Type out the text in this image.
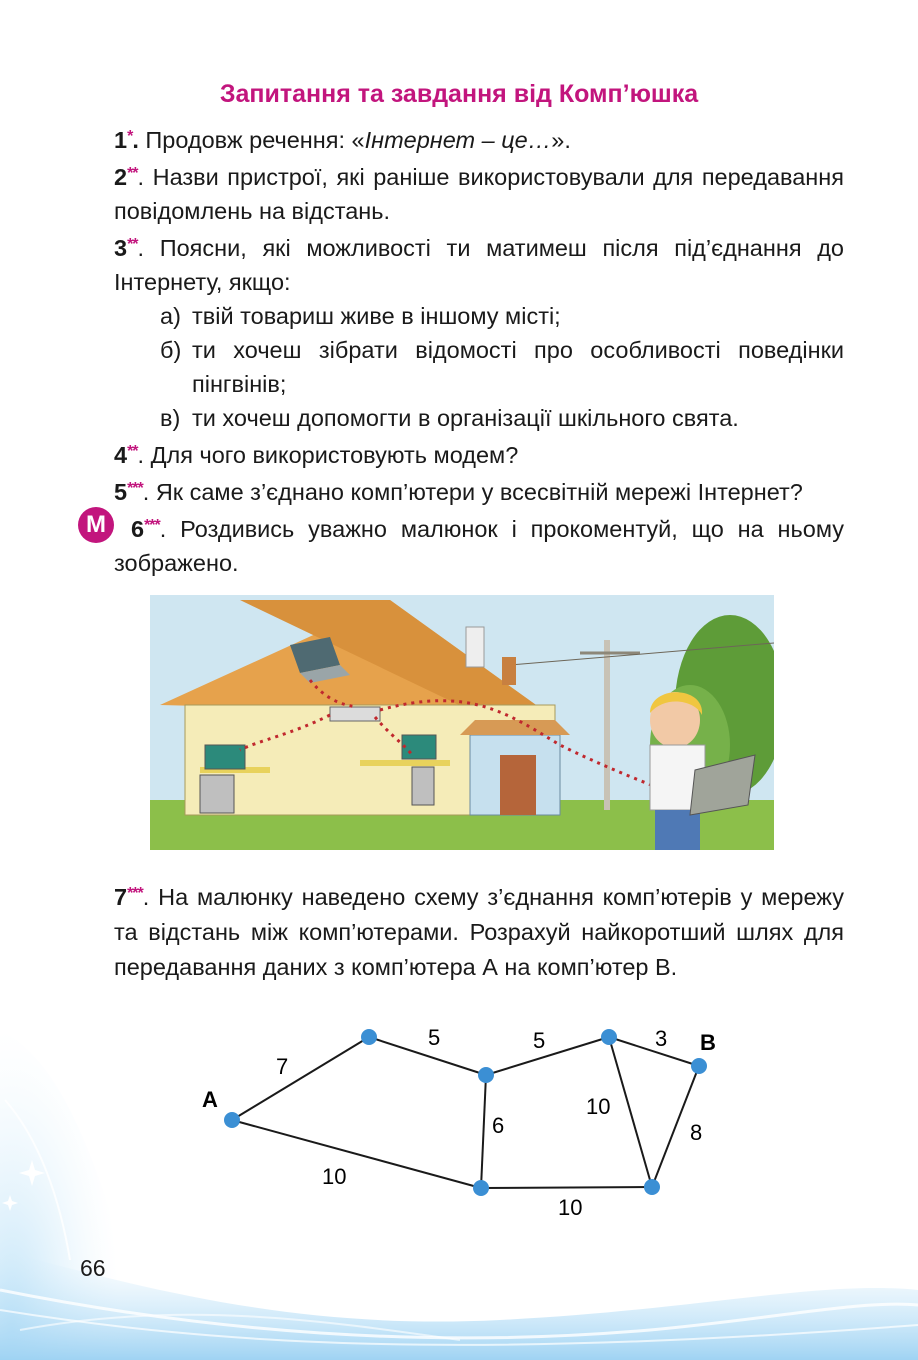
Запитання та завдання від Комп’юшка
М

1*. Продовж речення: «Інтернет – це…».

2**. Назви пристрої, які раніше використовували для передавання повідомлень на відстань.

3**. Поясни, які можливості ти матимеш після під’єднання до Інтернету, якщо:

а) твій товариш живе в іншому місті;

б) ти хочеш зібрати відомості про особливості поведінки пінгвінів;

в) ти хочеш допомогти в організації шкільного свята.

4**. Для чого використовують модем?

5***. Як саме з’єднано комп’ютери у всесвітній мережі Інтернет?

6***. Роздивись уважно малюнок і прокоментуй, що на ньому зображено.

7***. На малюнку наведено схему з’єднання комп’ютерів у мережу та відстань між комп’ютерами. Розрахуй найкоротший шлях для передавання даних з комп’ютера А на комп’ютер В.
А
В
7
5	5	3
6
10
8
10
10
66
